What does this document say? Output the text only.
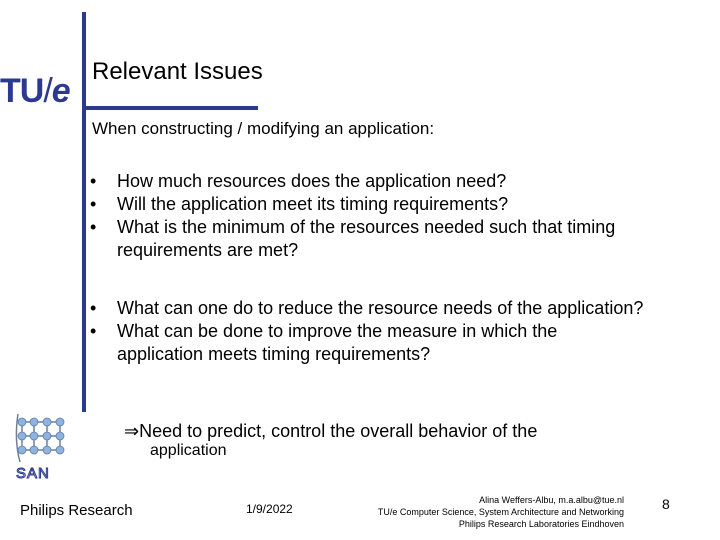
TU/e
Relevant Issues
When constructing / modifying an application:
• How much resources does the application need?
• Will the application meet its timing requirements?
• What is the minimum of the resources needed such that timing requirements are met?
• What can one do to reduce the resource needs of the application?
• What can be done to improve the measure in which the application meets timing requirements?
⇒Need to predict, control the overall behavior of the
application
SAN
Philips Research	1/9/2022
Alina Weffers-Albu, m.a.albu@tue.nl
TU/e Computer Science, System Architecture and Networking
Philips Research Laboratories Eindhoven
8
